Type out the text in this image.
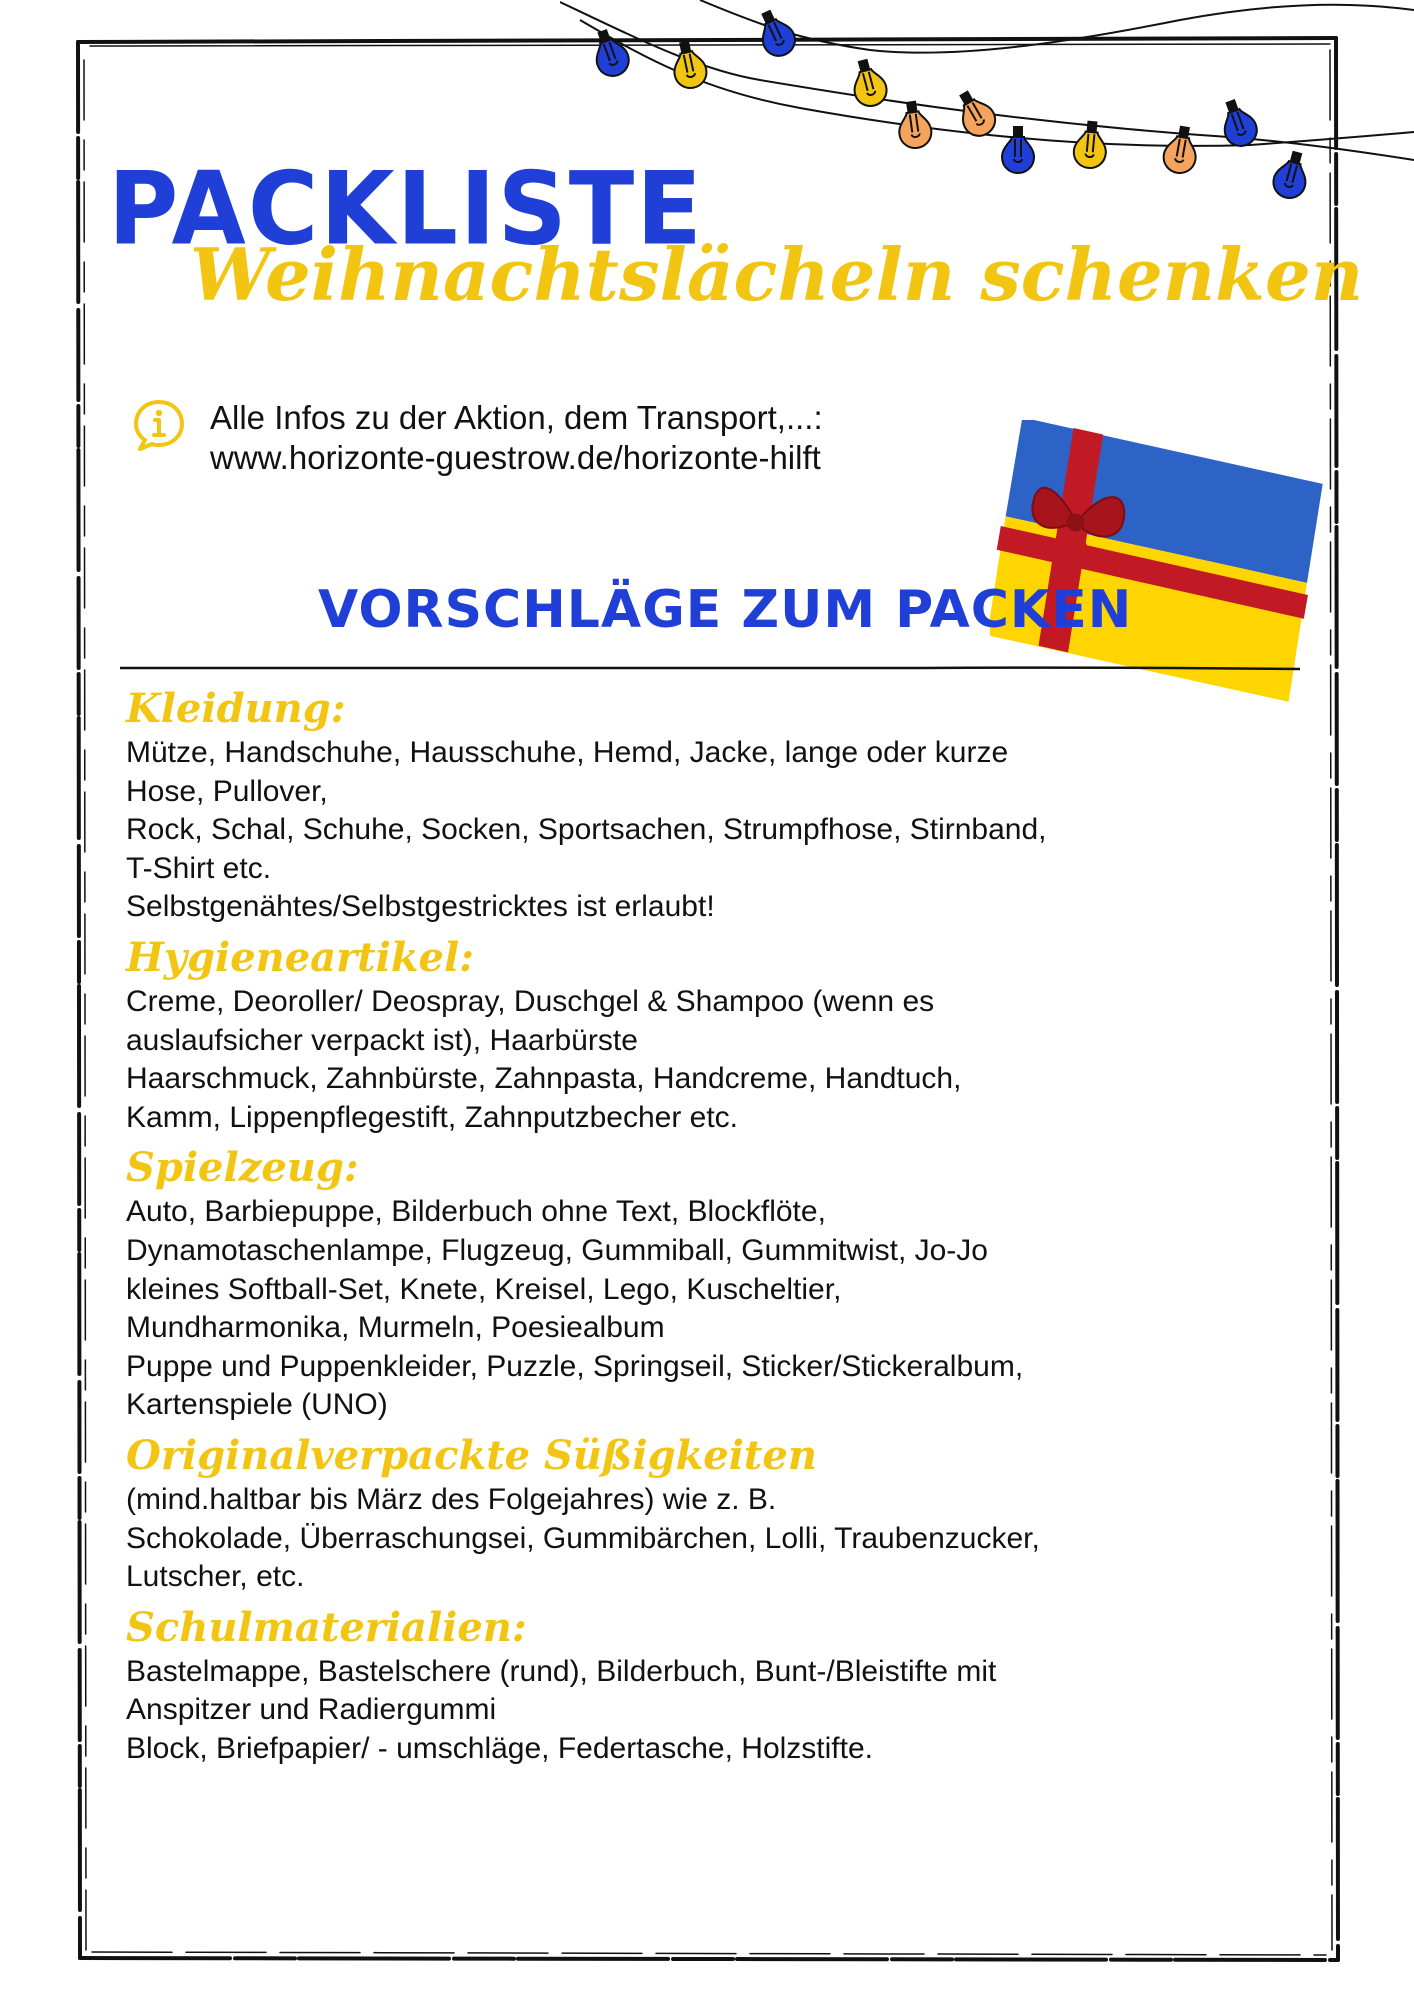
PACKLISTE
Weihnachtslächeln schenken
Alle Infos zu der Aktion, dem Transport,...:
www.horizonte-guestrow.de/horizonte-hilft
VORSCHLÄGE ZUM PACKEN
Kleidung:
Mütze, Handschuhe, Hausschuhe, Hemd, Jacke, lange oder kurze
Hose, Pullover,
Rock, Schal, Schuhe, Socken, Sportsachen, Strumpfhose, Stirnband,
T-Shirt etc.
Selbstgenähtes/Selbstgestricktes ist erlaubt!
Hygieneartikel:
Creme, Deoroller/ Deospray, Duschgel & Shampoo (wenn es
auslaufsicher verpackt ist), Haarbürste
Haarschmuck, Zahnbürste, Zahnpasta, Handcreme, Handtuch,
Kamm, Lippenpflegestift, Zahnputzbecher etc.
Spielzeug:
Auto, Barbiepuppe, Bilderbuch ohne Text, Blockflöte,
Dynamotaschenlampe, Flugzeug, Gummiball, Gummitwist, Jo-Jo
kleines Softball-Set, Knete, Kreisel, Lego, Kuscheltier,
Mundharmonika, Murmeln, Poesiealbum
Puppe und Puppenkleider, Puzzle, Springseil, Sticker/Stickeralbum,
Kartenspiele (UNO)
Originalverpackte Süßigkeiten
(mind.haltbar bis März des Folgejahres) wie z. B.
Schokolade, Überraschungsei, Gummibärchen, Lolli, Traubenzucker,
Lutscher, etc.
Schulmaterialien:
Bastelmappe, Bastelschere (rund), Bilderbuch, Bunt-/Bleistifte mit
Anspitzer und Radiergummi
Block, Briefpapier/ - umschläge, Federtasche, Holzstifte.
